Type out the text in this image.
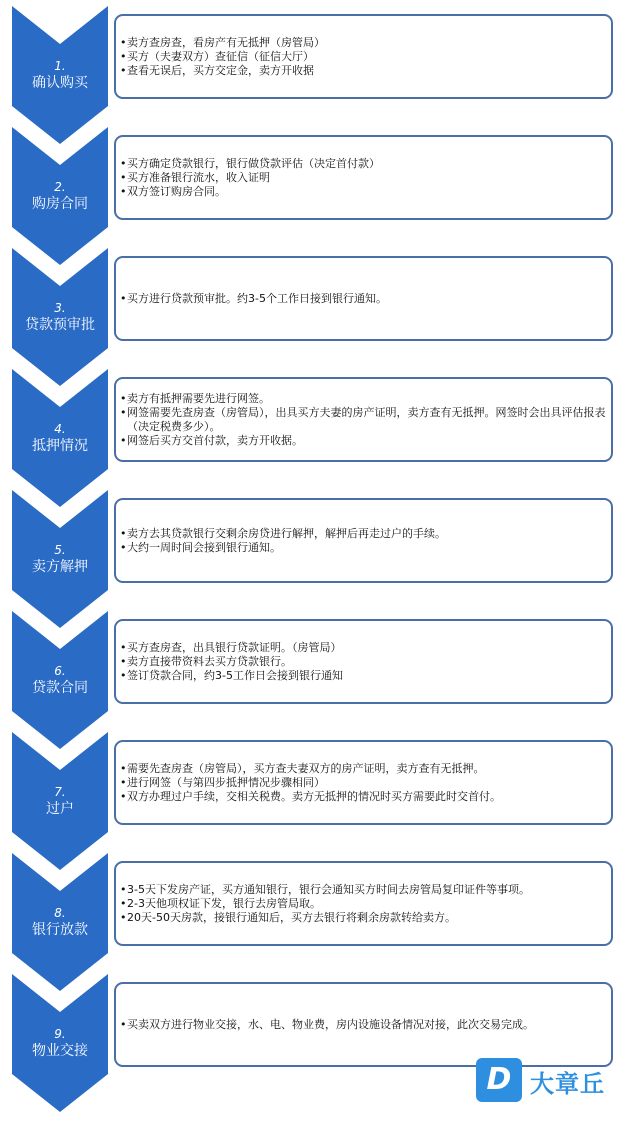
1.
确认购买
• 卖方查房查，看房产有无抵押（房管局）
• 买方（夫妻双方）查征信（征信大厅）
• 查看无误后，买方交定金，卖方开收据
2.
购房合同
• 买方确定贷款银行，银行做贷款评估（决定首付款）
• 买方准备银行流水，收入证明
• 双方签订购房合同。
3.
贷款预审批
• 买方进行贷款预审批。约3-5个工作日接到银行通知。
4.
抵押情况
• 卖方有抵押需要先进行网签。
• 网签需要先查房查（房管局），出具买方夫妻的房产证明，卖方查有无抵押。网签时会出具评估报表（决定税费多少）。
• 网签后买方交首付款，卖方开收据。
5.
卖方解押
• 卖方去其贷款银行交剩余房贷进行解押，解押后再走过户的手续。
• 大约一周时间会接到银行通知。
6.
贷款合同
• 买方查房查，出具银行贷款证明。（房管局）
• 卖方直接带资料去买方贷款银行。
• 签订贷款合同，约3-5工作日会接到银行通知
7.
过户
• 需要先查房查（房管局），买方查夫妻双方的房产证明，卖方查有无抵押。
• 进行网签（与第四步抵押情况步骤相同）
• 双方办理过户手续，交相关税费。卖方无抵押的情况时买方需要此时交首付。
8.
银行放款
• 3-5天下发房产证，买方通知银行，银行会通知买方时间去房管局复印证件等事项。
• 2-3天他项权证下发，银行去房管局取。
• 20天-50天房款，接银行通知后，买方去银行将剩余房款转给卖方。
9.
物业交接
• 买卖双方进行物业交接，水、电、物业费，房内设施设备情况对接，此次交易完成。
D 大章丘
